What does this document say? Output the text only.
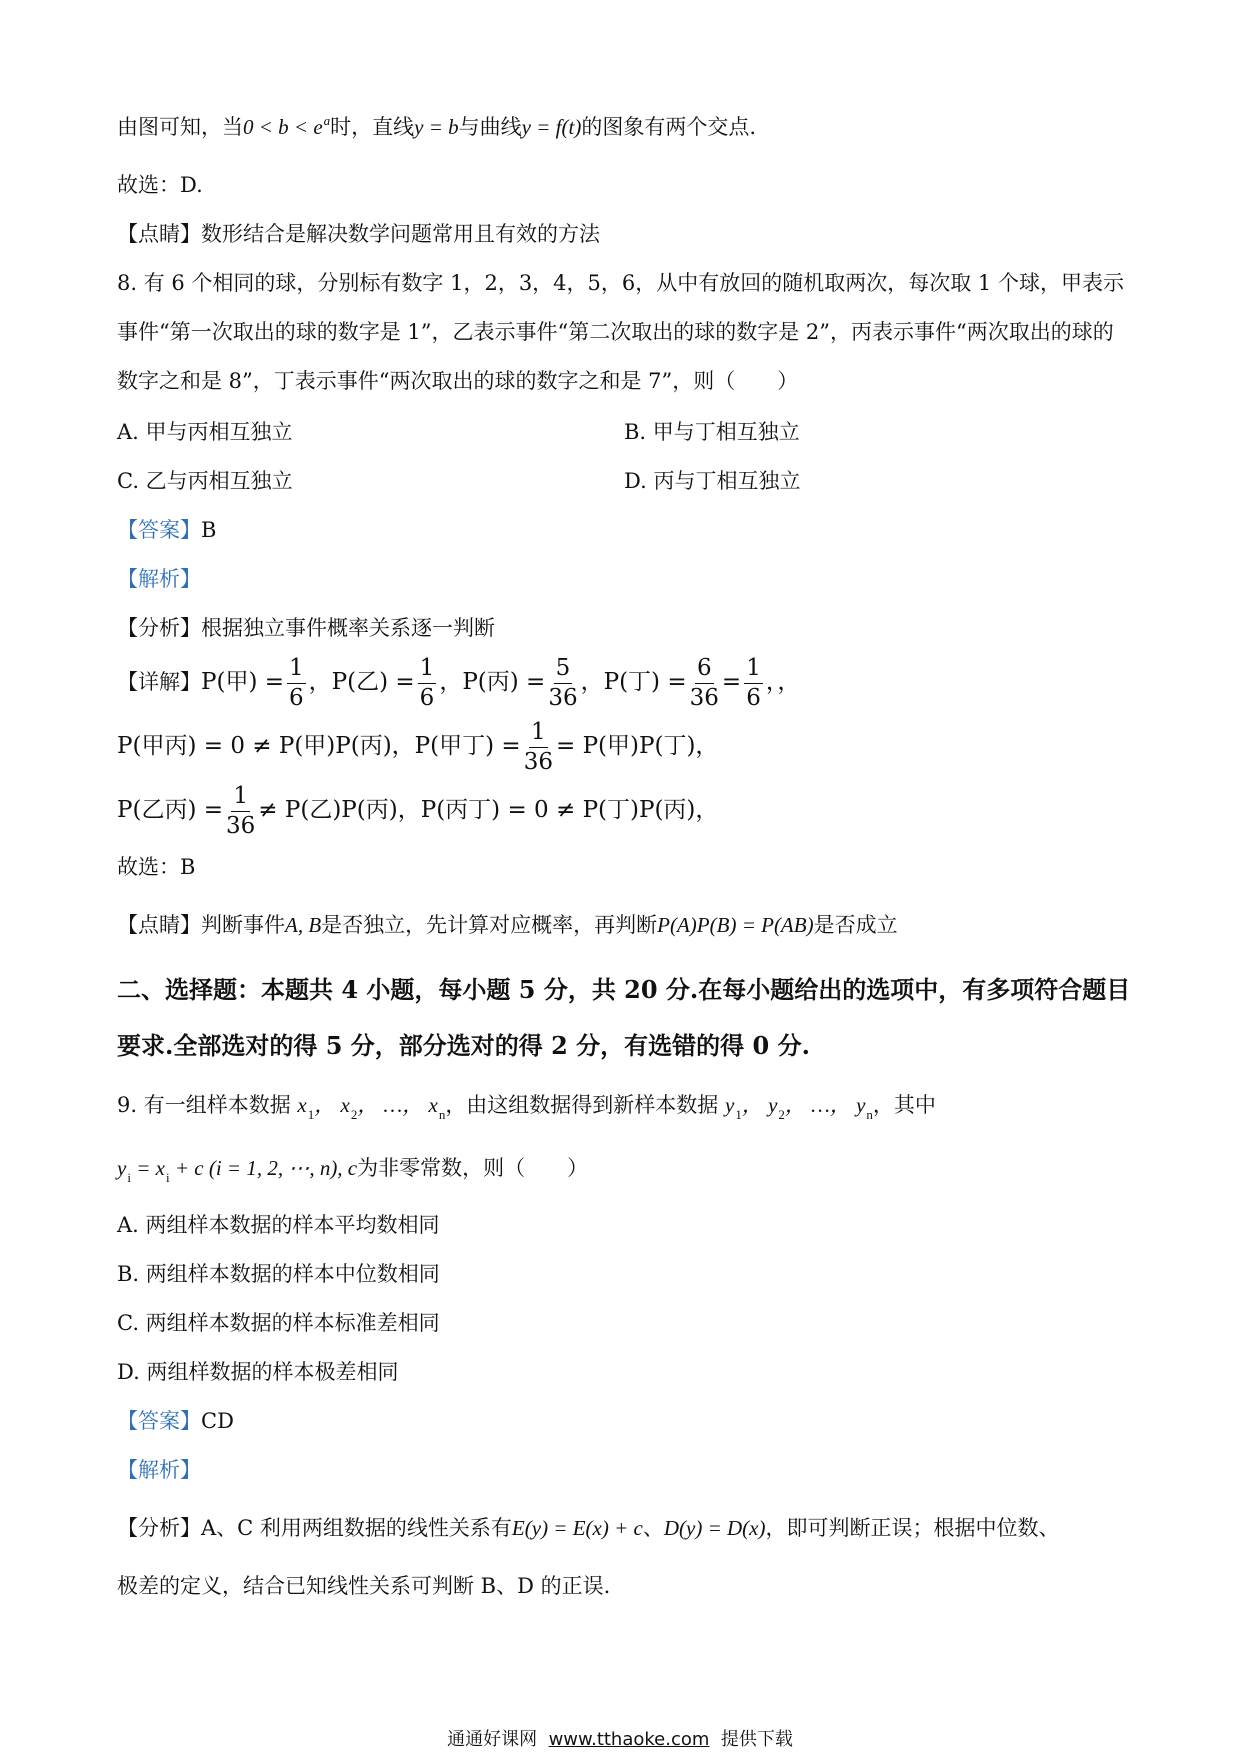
由图可知，当$0 < b < e^a$时，直线y = b与曲线y = f(t)的图象有两个交点.
故选：D.
【点睛】数形结合是解决数学问题常用且有效的方法
8. 有 6 个相同的球，分别标有数字 1，2，3，4，5，6，从中有放回的随机取两次，每次取 1 个球，甲表示
事件“第一次取出的球的数字是 1”，乙表示事件“第二次取出的球的数字是 2”，丙表示事件“两次取出的球的
数字之和是 8”，丁表示事件“两次取出的球的数字之和是 7”，则（　　）
A. 甲与丙相互独立	B. 甲与丁相互独立
C. 乙与丙相互独立	D. 丙与丁相互独立
【答案】B
【解析】
【分析】根据独立事件概率关系逐一判断
【详解】P(甲) = $\frac{1}{6}$ ，P(乙) = $\frac{1}{6}$ ，P(丙) = $\frac{5}{36}$ ，P(丁) = $\frac{6}{36} = \frac{1}{6}$ ，，
P(甲丙) = 0 ≠ P(甲)P(丙)，P(甲丁) = $\frac{1}{36} = P$(甲)P(丁)，
P(乙丙) = $\frac{1}{36} \ne P$(乙)P(丙)，P(丙丁) = 0 ≠ P(丁)P(丙)，
故选：B
【点睛】判断事件A, B是否独立，先计算对应概率，再判断P(A)P(B) = P(AB)是否成立
二、选择题：本题共 4 小题，每小题 5 分，共 20 分.在每小题给出的选项中，有多项符合题目
要求.全部选对的得 5 分，部分选对的得 2 分，有选错的得 0 分.
9. 有一组样本数据 $x_1$， $x_2$， …， $x_n$，由这组数据得到新样本数据 $y_1$， $y_2$， …， $y_n$，其中
$y_i = x_i + c$ (i = 1, 2, ⋯, n), c为非零常数，则（　　）
A. 两组样本数据的样本平均数相同
B. 两组样本数据的样本中位数相同
C. 两组样本数据的样本标准差相同
D. 两组样数据的样本极差相同
【答案】CD
【解析】
【分析】A、C 利用两组数据的线性关系有E(y) = E(x) + c、D(y) = D(x)，即可判断正误；根据中位数、
极差的定义，结合已知线性关系可判断 B、D 的正误.
通通好课网 www.tthaoke.com 提供下载
